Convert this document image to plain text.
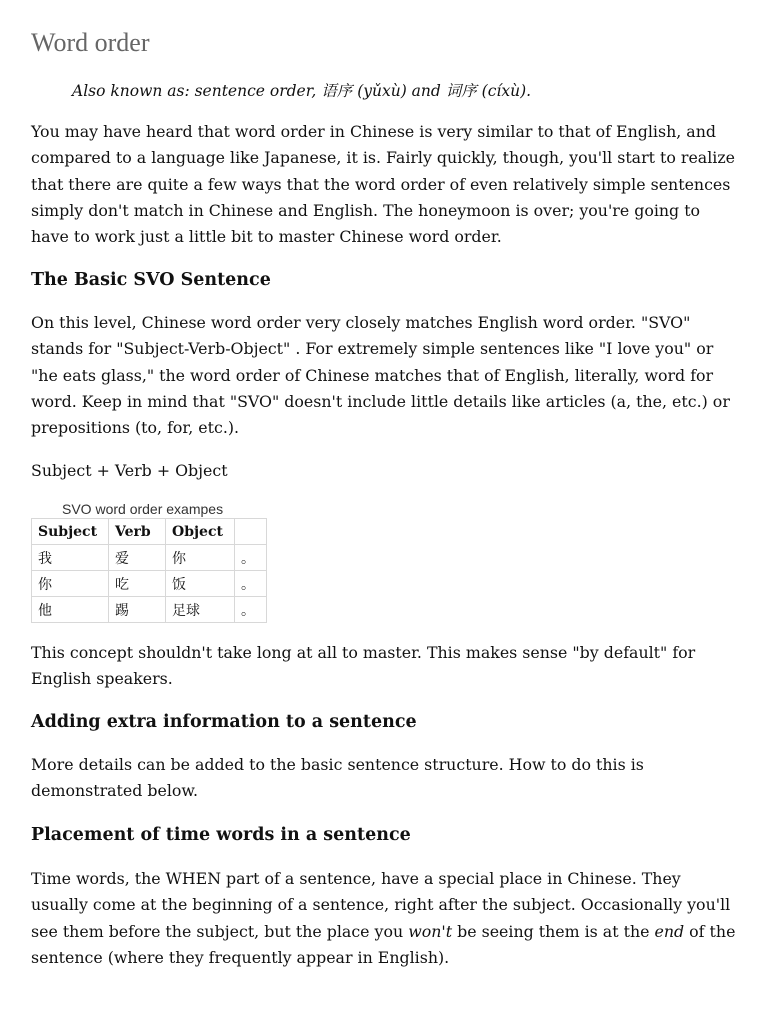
Word order

Also known as: sentence order, 语序 (yǔxù) and 词序 (cíxù).

You may have heard that word order in Chinese is very similar to that of English, and compared to a language like Japanese, it is. Fairly quickly, though, you'll start to realize that there are quite a few ways that the word order of even relatively simple sentences simply don't match in Chinese and English. The honeymoon is over; you're going to have to work just a little bit to master Chinese word order.

The Basic SVO Sentence

On this level, Chinese word order very closely matches English word order. "SVO" stands for "Subject-Verb-Object" . For extremely simple sentences like "I love you" or "he eats glass," the word order of Chinese matches that of English, literally, word for word. Keep in mind that "SVO" doesn't include little details like articles (a, the, etc.) or prepositions (to, for, etc.).

Subject + Verb + Object

SVO word order exampes

Subject	Verb	Object	
我	爱	你	。
你	吃	饭	。
他	踢	足球	。

This concept shouldn't take long at all to master. This makes sense "by default" for English speakers.

Adding extra information to a sentence

More details can be added to the basic sentence structure. How to do this is demonstrated below.

Placement of time words in a sentence

Time words, the WHEN part of a sentence, have a special place in Chinese. They usually come at the beginning of a sentence, right after the subject. Occasionally you'll see them before the subject, but the place you won't be seeing them is at the end of the sentence (where they frequently appear in English).
